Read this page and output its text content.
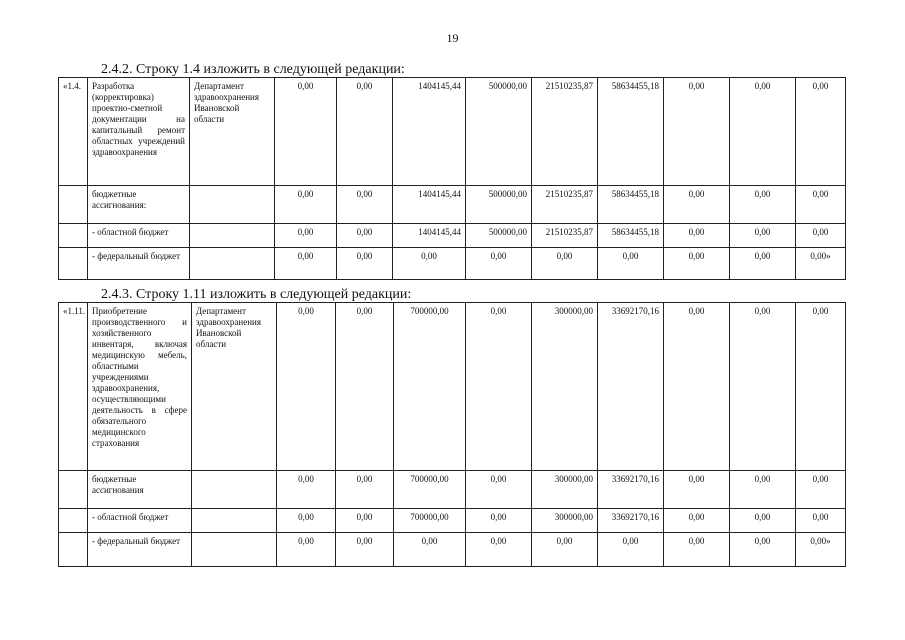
19
2.4.2. Строку 1.4 изложить в следующей редакции:
«1.4.	Разработка (корректировка) проектно-сметной документации на капитальный ремонт областных учреждений здравоохранения	Департамент здравоохранения Ивановской области	0,00	0,00	1404145,44	500000,00	21510235,87	58634455,18	0,00	0,00	0,00
	бюджетные ассигнования:		0,00	0,00	1404145,44	500000,00	21510235,87	58634455,18	0,00	0,00	0,00
	- областной бюджет		0,00	0,00	1404145,44	500000,00	21510235,87	58634455,18	0,00	0,00	0,00
	- федеральный бюджет		0,00	0,00	0,00	0,00	0,00	0,00	0,00	0,00	0,00»
2.4.3. Строку 1.11 изложить в следующей редакции:
«1.11.	Приобретение производственного и хозяйственного инвентаря, включая медицинскую мебель, областными учреждениями здравоохранения, осуществляющими деятельность в сфере обязательного медицинского страхования	Департамент здравоохранения Ивановской области	0,00	0,00	700000,00	0,00	300000,00	33692170,16	0,00	0,00	0,00
	бюджетные ассигнования		0,00	0,00	700000,00	0,00	300000,00	33692170,16	0,00	0,00	0,00
	- областной бюджет		0,00	0,00	700000,00	0,00	300000,00	33692170,16	0,00	0,00	0,00
	- федеральный бюджет		0,00	0,00	0,00	0,00	0,00	0,00	0,00	0,00	0,00»
